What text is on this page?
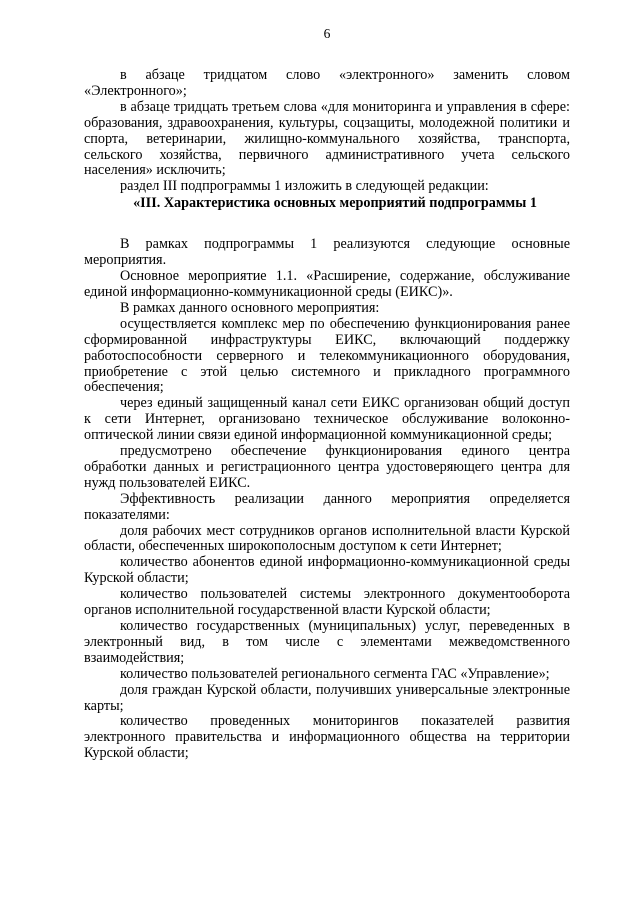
6

в абзаце тридцатом слово «электронного» заменить словом «Электронного»;

в абзаце тридцать третьем слова «для мониторинга и управления в сфере: образования, здравоохранения, культуры, соцзащиты, молодежной политики и спорта, ветеринарии, жилищно-коммунального хозяйства, транспорта, сельского хозяйства, первичного административного учета сельского населения» исключить;

раздел III подпрограммы 1 изложить в следующей редакции:

«III. Характеристика основных мероприятий подпрограммы 1

В рамках подпрограммы 1 реализуются следующие основные мероприятия.

Основное мероприятие 1.1. «Расширение, содержание, обслуживание единой информационно-коммуникационной среды (ЕИКС)».

В рамках данного основного мероприятия:

осуществляется комплекс мер по обеспечению функционирования ранее сформированной инфраструктуры ЕИКС, включающий поддержку работоспособности серверного и телекоммуникационного оборудования, приобретение с этой целью системного и прикладного программного обеспечения;

через единый защищенный канал сети ЕИКС организован общий доступ к сети Интернет, организовано техническое обслуживание волоконно-оптической линии связи единой информационной коммуникационной среды;

предусмотрено обеспечение функционирования единого центра обработки данных и регистрационного центра удостоверяющего центра для нужд пользователей ЕИКС.

Эффективность реализации данного мероприятия определяется показателями:

доля рабочих мест сотрудников органов исполнительной власти Курской области, обеспеченных широкополосным доступом к сети Интернет;

количество абонентов единой информационно-коммуникационной среды Курской области;

количество пользователей системы электронного документооборота органов исполнительной государственной власти Курской области;

количество государственных (муниципальных) услуг, переведенных в электронный вид, в том числе с элементами межведомственного взаимодействия;

количество пользователей регионального сегмента ГАС «Управление»;

доля граждан Курской области, получивших универсальные электронные карты;

количество проведенных мониторингов показателей развития электронного правительства и информационного общества на территории Курской области;
